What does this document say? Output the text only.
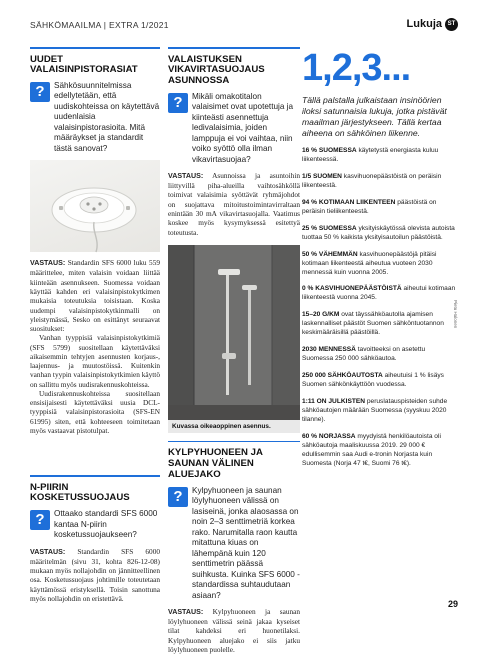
SÄHKÖMAAILMA | EXTRA 1/2021	Lukuja ST
UUDET VALAISINPISTORASIAT
?	Sähkösuunnitelmissa edellytetään, että uudiskohteissa on käytettävä uudenlaisia valaisinpistorasioita. Mitä määräykset ja standardit tästä sanovat?

VASTAUS: Standardin SFS 6000 luku 559 määrittelee, miten valaisin voidaan liittää kiinteään asennukseen. Suomessa voidaan käyttää kahden eri valaisinpistokytkimen mukaisia toteutuksia toisistaan. Koska uudempi valaisinpistokytkinmalli on yleistymässä, Sesko on esittänyt seuraavat suositukset:

Vanhan tyyppisiä valaisinpistokytkimiä (SFS 5799) suositellaan käytettäväksi aikaisemmin tehtyjen asennusten korjaus-, laajennus- ja muutostöissä. Kuitenkin vanhan tyypin valaisinpistokytkimien käyttö on sallittu myös uudisrakennuskohteissa.

Uudisrakennuskohteissa suositellaan ensisijaisesti käytettäväksi uusia DCL-tyyppisiä valaisinpistorasioita (SFS-EN 61995) siten, että kohteeseen toimitetaan myös vastaavat pistotulpat.

N-PIIRIN KOSKETUSSUOJAUS
?	Ottaako standardi SFS 6000 kantaa N-piirin kosketussuojaukseen?

VASTAUS: Standardin SFS 6000 määritelmän (sivu 31, kohta 826-12-08) mukaan myös nollajohdin on jännitteellinen osa. Kosketussuojaus johtimille toteutetaan käyttämössä eristyksellä. Toisin sanottuna myös nollajohdin on eristettävä.

VALAISTUKSEN VIKAVIRTASUOJAUS ASUNNOSSA
?	Mikäli omakotitalon valaisimet ovat upotettuja ja kiinteästi asennettuja ledivalaisimia, joiden lamppuja ei voi vaihtaa, niin voiko syöttö olla ilman vikavirtasuojaa?

VASTAUS: Asunnoissa ja asuntoihin liittyvillä piha-alueilla vaihtosähköllä toimivat valaisimia syöttävät ryhmäjohdot on suojattava mitoitustoimintavirraltaan enintään 30 mA vikavirtasuojalla. Vaatimus koskee myös kysymyksessä esitettyä toteutusta.

Kuvassa oikeaoppinen asennus.
KYLPYHUONEEN JA SAUNAN VÄLINEN ALUEJAKO
?	Kylpyhuoneen ja saunan löylyhuoneen välissä on lasiseinä, jonka alaosassa on noin 2–3 senttimetriä korkea rako. Narumitalla raon kautta mitattuna kiuas on lähempänä kuin 120 senttimetrin päässä suihkusta. Kuinka SFS 6000 -standardissa suhtaudutaan asiaan?

VASTAUS: Kylpyhuoneen ja saunan löylyhuoneen välissä seinä jakaa kyseiset tilat kahdeksi eri huonetilaksi. Kylpyhuoneen aluejako ei siis jatku löylyhuoneen puolelle.

Pietu Halonen
1,2,3...
Tällä palstalla julkaistaan insinöörien iloksi satunnaisia lukuja, jotka pistävät maailman järjestykseen. Tällä kertaa aiheena on sähköinen liikenne.
16 % SUOMESSA käytetystä energiasta kuluu liikenteessä.
1/5 SUOMEN kasvihuonepäästöistä on peräisin liikenteestä.
94 % KOTIMAAN LIIKENTEEN päästöistä on peräisin tieliikenteestä.
25 % SUOMESSA yksityiskäytössä olevista autoista tuottaa 50 % kaikista yksityisautoilun päästöistä.
50 % VÄHEMMÄN kasvihuonepäästöjä pitäisi kotimaan liikenteestä aiheutua vuoteen 2030 mennessä kuin vuonna 2005.
0 % KASVIHUONEPÄÄSTÖISTÄ aiheutui kotimaan liikenteestä vuonna 2045.
15–20 G/KM ovat täyssähköautolla ajamisen laskennalliset päästöt Suomen sähköntuotannon keskimääräisillä päästöillä.
2030 MENNESSÄ tavoitteeksi on asetettu Suomessa 250 000 sähköautoa.
250 000 SÄHKÖAUTOSTA aiheutuisi 1 % lisäys Suomen sähkönkäyttöön vuodessa.
1:11 ON JULKISTEN peruslatauspisteiden suhde sähköautojen määrään Suomessa (syyskuu 2020 tilanne).
60 % NORJASSA myydyistä henkilöautoista oli sähköautoja maaliskuussa 2019. 29 000 € edullisemmin saa Audi e-tronin Norjasta kuin Suomesta (Norja 47 t€, Suomi 76 t€).
29
